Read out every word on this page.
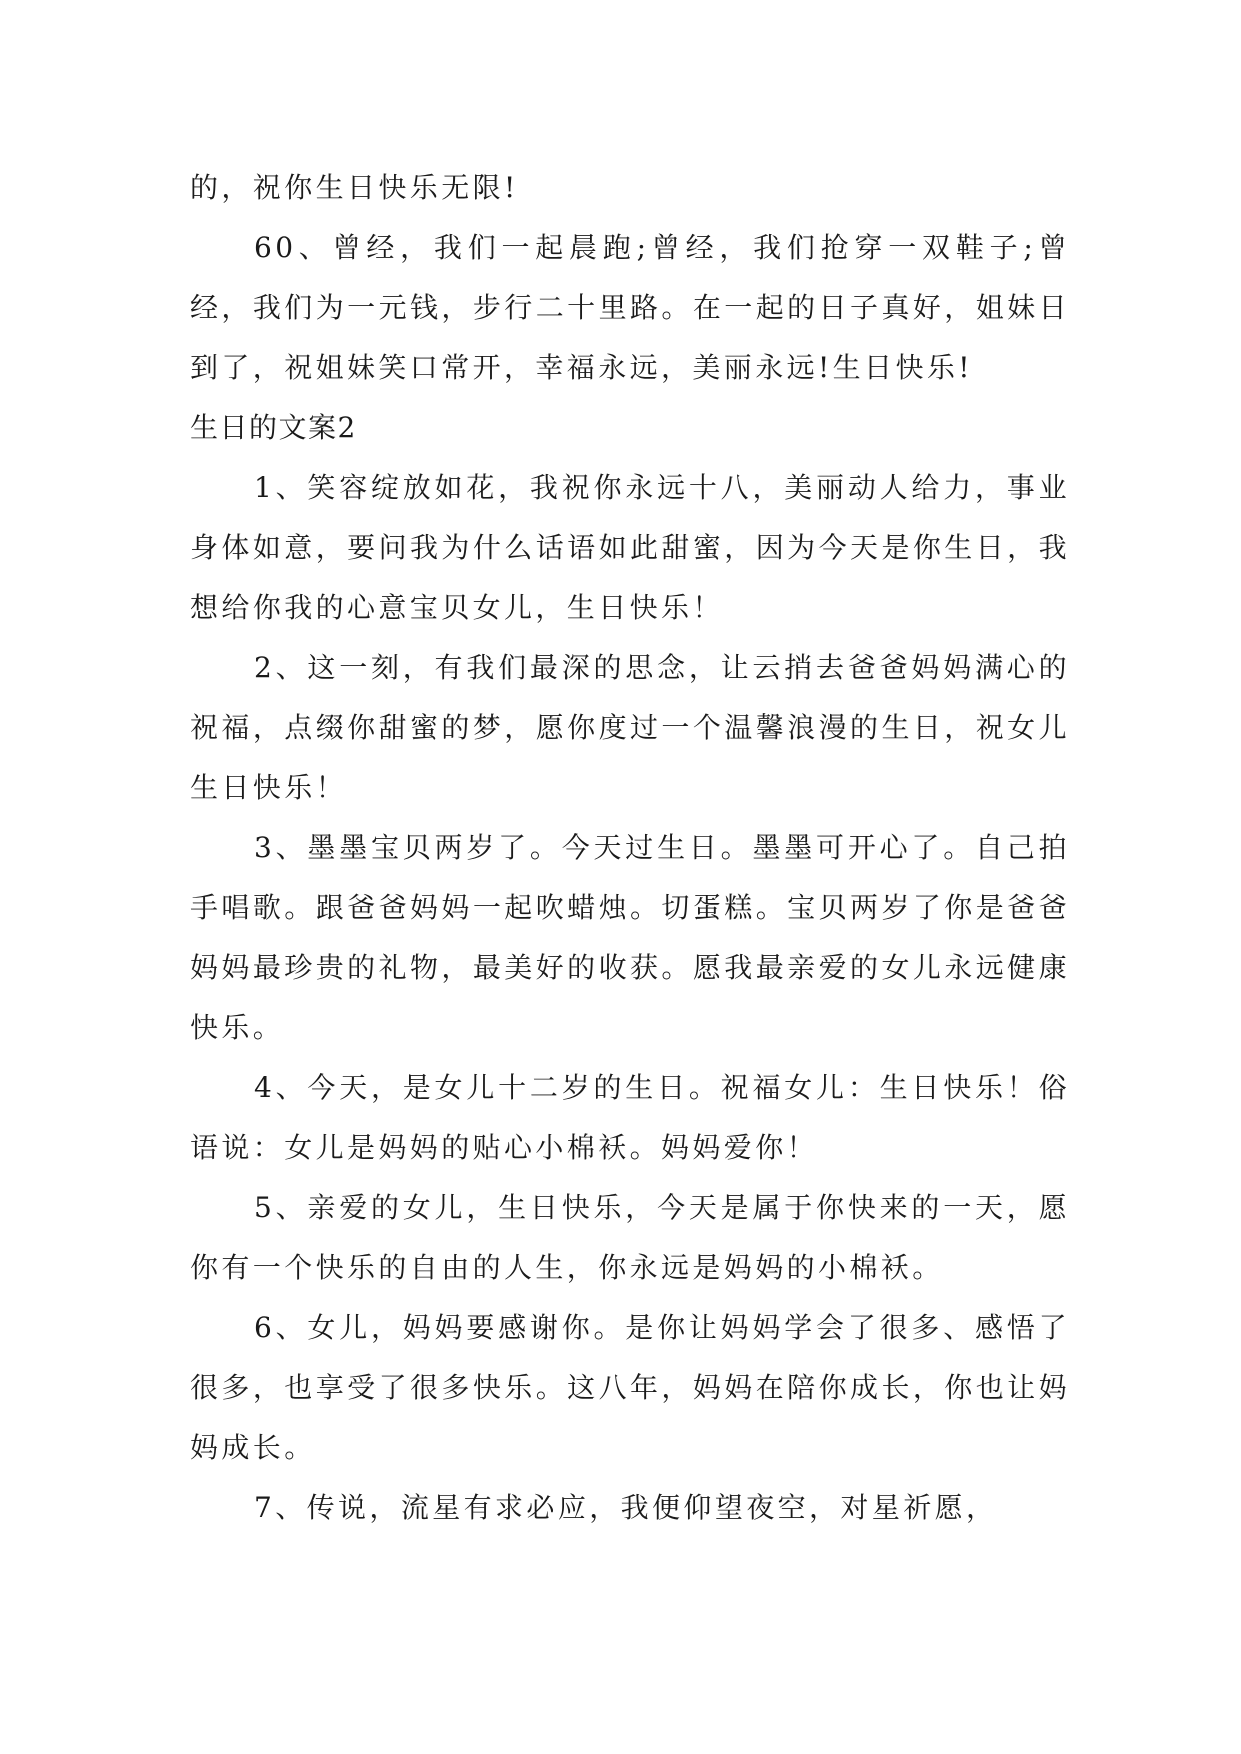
的，祝你生日快乐无限!

60、曾经，我们一起晨跑;曾经，我们抢穿一双鞋子;曾经，我们为一元钱，步行二十里路。在一起的日子真好，姐妹日到了，祝姐妹笑口常开，幸福永远，美丽永远!生日快乐!

生日的文案2

1、笑容绽放如花，我祝你永远十八，美丽动人给力，事业身体如意，要问我为什么话语如此甜蜜，因为今天是你生日，我想给你我的心意宝贝女儿，生日快乐！

2、这一刻，有我们最深的思念，让云捎去爸爸妈妈满心的祝福，点缀你甜蜜的梦，愿你度过一个温馨浪漫的生日，祝女儿生日快乐！

3、墨墨宝贝两岁了。今天过生日。墨墨可开心了。自己拍手唱歌。跟爸爸妈妈一起吹蜡烛。切蛋糕。宝贝两岁了你是爸爸妈妈最珍贵的礼物，最美好的收获。愿我最亲爱的女儿永远健康快乐。

4、今天，是女儿十二岁的生日。祝福女儿：生日快乐！俗语说：女儿是妈妈的贴心小棉袄。妈妈爱你！

5、亲爱的女儿，生日快乐，今天是属于你快来的一天，愿你有一个快乐的自由的人生，你永远是妈妈的小棉袄。

6、女儿，妈妈要感谢你。是你让妈妈学会了很多、感悟了很多，也享受了很多快乐。这八年，妈妈在陪你成长，你也让妈妈成长。

7、传说，流星有求必应，我便仰望夜空，对星祈愿，
